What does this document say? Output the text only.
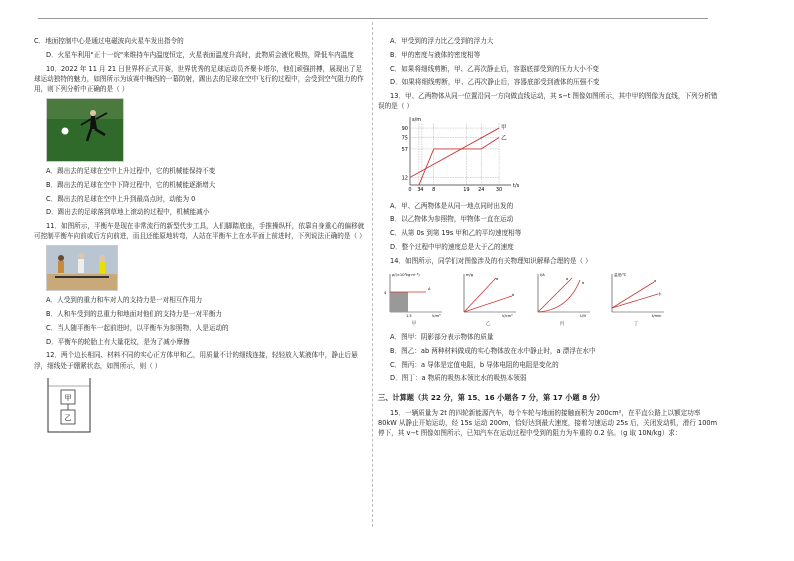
C．地面控制中心是通过电磁波向火星车发出指令的

D．火星车利用"正十一烷"来维持车内温度恒定，火星表面温度升高时，此物质会液化吸热，降低车内温度

10．2022 年 11 月 21 日世界杯正式开赛，世界优秀的足球运动员齐聚卡塔尔，他们顽强拼搏，展现出了足球运动独特的魅力，如图所示为该赛中梅西的一幕防射，踢出去的足球在空中飞行的过程中，会受到空气阻力的作用，则下列分析中正确的是（ ）

A．踢出去的足球在空中上升过程中，它的机械能保持不变

B．踢出去的足球在空中下降过程中，它的机械能逐渐增大

C．踢出去的足球在空中上升到最高点时，动能为 0

D．踢出去的足球落到草地上滚动的过程中，机械能减小

11．如图所示，平衡车是现在非常流行的新型代步工具，人们脚踏底座，手推操纵杆，依靠自身重心的偏移就可控制平衡车向前或后方向前进，而且还能原地转弯，人站在平衡车上在水平面上前进时，下列说法正确的是（ ）

A．人受到的重力和车对人的支持力是一对相互作用力

B．人和车受到的总重力和地面对他们的支持力是一对平衡力

C．当人随平衡车一起前进时，以平衡车为参照物，人是运动的

D．平衡车的轮胎上有大量花纹，是为了减小摩擦

12．两个边长相同、材料不同的实心正方体甲和乙，用质量不计的细线连接，轻轻放入某液体中，静止后悬浮，细线处于绷紧状态，如图所示，则（ ）

甲
乙

A．甲受到的浮力比乙受到的浮力大

B．甲的密度与液体的密度相等

C．如果将细线剪断，甲、乙再次静止后，容器底部受到的压力大小不变

D．如果将细线剪断，甲、乙再次静止后，容器底部受到液体的压强不变

13．甲、乙两物体从同一位置沿同一方向做直线运动，其 s−t 图像如图所示，其中甲的图像为直线，下列分析错误的是（ ）

12
57
75
90
0 3 4 8	19 24 30
t/s
s/m
甲
乙

A．甲、乙两物体是从同一地点同时出发的

B．以乙物体为参照物，甲物体一直在运动

C．从第 0s 到第 19s 甲和乙的平均速度相等

D．整个过程中甲的速度总是大于乙的速度

14．如图所示，同学们对图像涉及的有关物理知识解释合理的是（ ）

ρ/(×10³kg·m⁻³)
V/m³
4
1.5
A
甲
m/g
V/cm³
a
b
乙
I/A
U/V
a
b
丙
温度/℃
t/min
a
水
丁

A．图甲：阴影部分表示物体的质量

B．图乙：ab 两种材料做成的实心物体放在水中静止时，a 漂浮在水中

C．图丙：a 导体是定值电阻，b 导体电阻的电阻是变化的

D．图丁：a 物质的吸热本领比水的吸热本领弱

三、计算题（共 22 分，第 15、16 小题各 7 分，第 17 小题 8 分）

15．一辆质量为 2t 的四轮新能源汽车，每个车轮与地面的接触面积为 200cm²，在平直公路上以额定功率 80kW 从静止开始运动，经 15s 运动 200m，恰好达到最大速度，接着匀速运动 25s 后，关闭发动机，滑行 100m 停下，其 v−t 图像如图所示，已知汽车在运动过程中受到的阻力为车重的 0.2 倍。（g 取 10N/kg）求：
